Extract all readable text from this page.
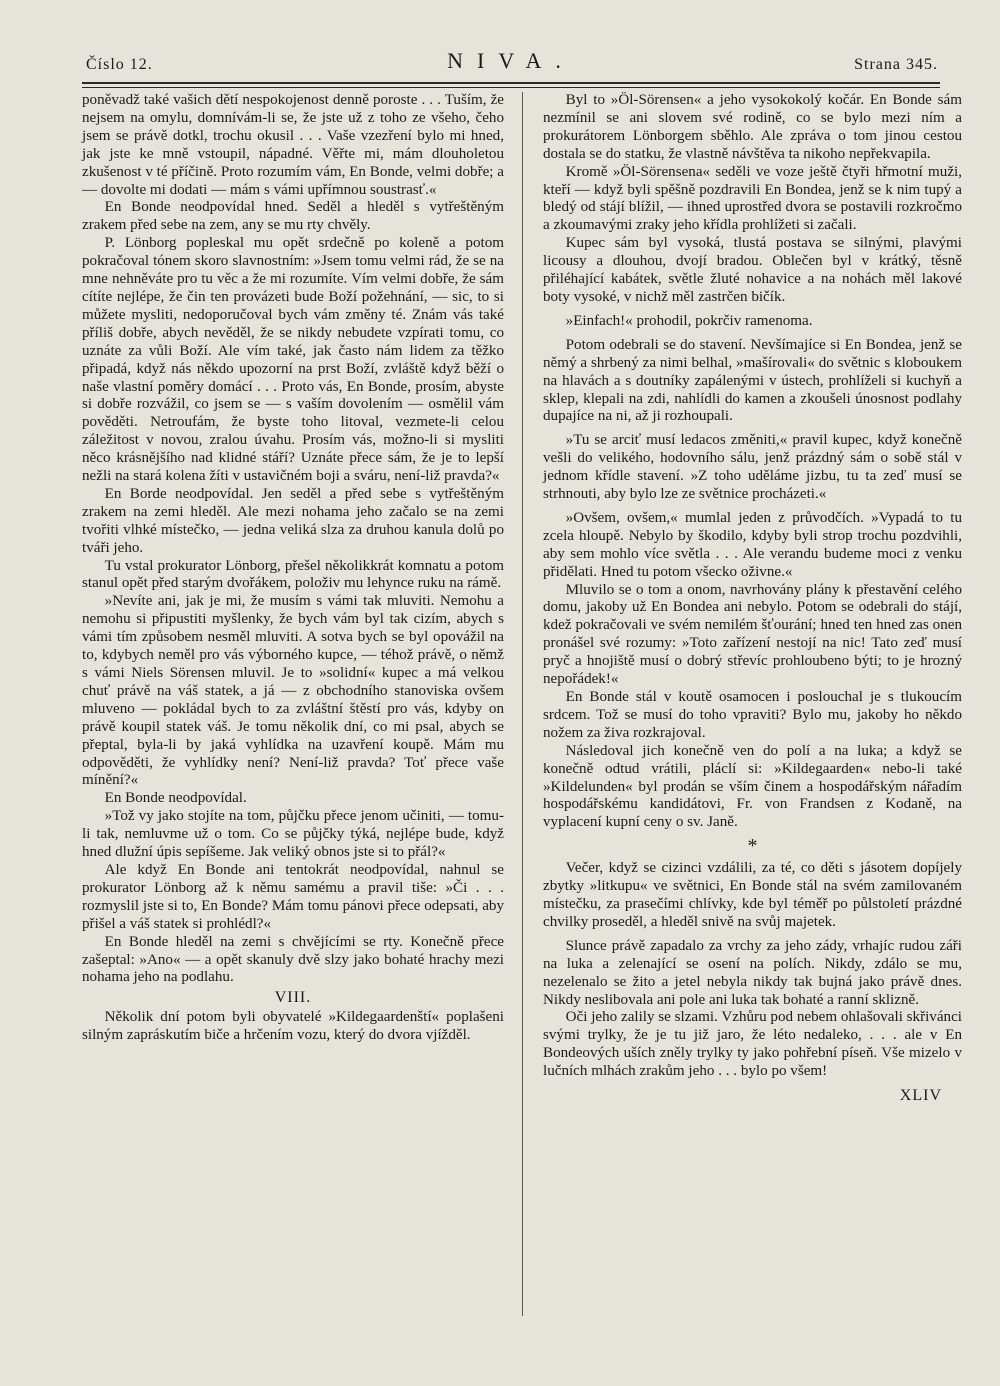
Číslo 12.	NIVA.	Strana 345.

poněvadž také vašich dětí nespokojenost denně poroste . . . Tuším, že nejsem na omylu, domnívám-li se, že jste už z toho ze všeho, čeho jsem se právě dotkl, trochu okusil . . . Vaše vzezření bylo mi hned, jak jste ke mně vstoupil, nápadné. Věřte mi, mám dlouholetou zkušenost v té příčině. Proto rozumím vám, En Bonde, velmi dobře; a — dovolte mi dodati — mám s vámi upřímnou soustrasť.«

En Bonde neodpovídal hned. Seděl a hleděl s vytřeštěným zrakem před sebe na zem, any se mu rty chvěly.

P. Lönborg popleskal mu opět srdečně po koleně a potom pokračoval tónem skoro slavnostním: »Jsem tomu velmi rád, že se na mne nehněváte pro tu věc a že mi rozumíte. Vím velmi dobře, že sám cítíte nejlépe, že čin ten provázeti bude Boží požehnání, — sic, to si můžete mysliti, nedoporučoval bych vám změny té. Znám vás také příliš dobře, abych nevěděl, že se nikdy nebudete vzpírati tomu, co uznáte za vůli Boží. Ale vím také, jak často nám lidem za těžko připadá, když nás někdo upozorní na prst Boží, zvláště když běží o naše vlastní poměry domácí . . . Proto vás, En Bonde, prosím, abyste si dobře rozvážil, co jsem se — s vaším dovolením — osmělil vám pověděti. Netroufám, že byste toho litoval, vezmete-li celou záležitost v novou, zralou úvahu. Prosím vás, možno-li si mysliti něco krásnějšího nad klidné stáří? Uznáte přece sám, že je to lepší nežli na stará kolena žíti v ustavičném boji a sváru, není-liž pravda?«

En Borde neodpovídal. Jen seděl a před sebe s vytřeštěným zrakem na zemi hleděl. Ale mezi nohama jeho začalo se na zemi tvořiti vlhké místečko, — jedna veliká slza za druhou kanula dolů po tváři jeho.

Tu vstal prokurator Lönborg, přešel několikkrát komnatu a potom stanul opět před starým dvořákem, položiv mu lehynce ruku na rámě.

»Nevíte ani, jak je mi, že musím s vámi tak mluviti. Nemohu a nemohu si připustiti myšlenky, že bych vám byl tak cizím, abych s vámi tím způsobem nesměl mluviti. A sotva bych se byl opovážil na to, kdybych neměl pro vás výborného kupce, — téhož právě, o němž s vámi Niels Sörensen mluvil. Je to »solidní« kupec a má velkou chuť právě na váš statek, a já — z obchodního stanoviska ovšem mluveno — pokládal bych to za zvláštní štěstí pro vás, kdyby on právě koupil statek váš. Je tomu několik dní, co mi psal, abych se přeptal, byla-li by jaká vyhlídka na uzavření koupě. Mám mu odpověděti, že vyhlídky není? Není-liž pravda? Toť přece vaše mínění?«

En Bonde neodpovídal.

»Tož vy jako stojíte na tom, půjčku přece jenom učiniti, — tomu-li tak, nemluvme už o tom. Co se půjčky týká, nejlépe bude, když hned dlužní úpis sepíšeme. Jak veliký obnos jste si to přál?«

Ale když En Bonde ani tentokrát neodpovídal, nahnul se prokurator Lönborg až k němu samému a pravil tiše: »Či . . . rozmyslil jste si to, En Bonde? Mám tomu pánovi přece odepsati, aby přišel a váš statek si prohlédl?«

En Bonde hleděl na zemi s chvějícími se rty. Konečně přece zašeptal: »Ano« — a opět skanuly dvě slzy jako bohaté hrachy mezi nohama jeho na podlahu.

VIII.

Několik dní potom byli obyvatelé »Kildegaardenští« poplašeni silným zapráskutím biče a hrčením vozu, který do dvora vjížděl.

Byl to »Öl-Sörensen« a jeho vysokokolý kočár. En Bonde sám nezmínil se ani slovem své rodině, co se bylo mezi ním a prokurátorem Lönborgem sběhlo. Ale zpráva o tom jinou cestou dostala se do statku, že vlastně návštěva ta nikoho nepřekvapila.

Kromě »Öl-Sörensena« seděli ve voze ještě čtyři hřmotní muži, kteří — když byli spěšně pozdravili En Bondea, jenž se k nim tupý a bledý od stájí blížil, — ihned uprostřed dvora se postavili rozkročmo a zkoumavými zraky jeho křídla prohlížeti si začali.

Kupec sám byl vysoká, tlustá postava se silnými, plavými licousy a dlouhou, dvojí bradou. Oblečen byl v krátký, těsně přiléhající kabátek, světle žluté nohavice a na nohách měl lakové boty vysoké, v nichž měl zastrčen bičík.

»Einfach!« prohodil, pokrčiv ramenoma.

Potom odebrali se do stavení. Nevšímajíce si En Bondea, jenž se němý a shrbený za nimi belhal, »mašírovali« do světnic s kloboukem na hlavách a s doutníky zapálenými v ústech, prohlíželi si kuchyň a sklep, klepali na zdi, nahlídli do kamen a zkoušeli únosnost podlahy dupajíce na ni, až ji rozhoupali.

»Tu se arciť musí ledacos změniti,« pravil kupec, když konečně vešli do velikého, hodovního sálu, jenž prázdný sám o sobě stál v jednom křídle stavení. »Z toho uděláme jizbu, tu ta zeď musí se strhnouti, aby bylo lze ze světnice procházeti.«

»Ovšem, ovšem,« mumlal jeden z průvodčích. »Vypadá to tu zcela hloupě. Nebylo by škodilo, kdyby byli strop trochu pozdvihli, aby sem mohlo více světla . . . Ale verandu budeme moci z venku přidělati. Hned tu potom všecko oživne.«

Mluvilo se o tom a onom, navrhovány plány k přestavění celého domu, jakoby už En Bondea ani nebylo. Potom se odebrali do stájí, kdež pokračovali ve svém nemilém šťourání; hned ten hned zas onen pronášel své rozumy: »Toto zařízení nestojí na nic! Tato zeď musí pryč a hnojiště musí o dobrý střevíc prohloubeno býti; to je hrozný nepořádek!«

En Bonde stál v koutě osamocen i poslouchal je s tlukoucím srdcem. Tož se musí do toho vpraviti? Bylo mu, jakoby ho někdo nožem za živa rozkrajoval.

Následoval jich konečně ven do polí a na luka; a když se konečně odtud vrátili, pláclí si: »Kildegaarden« nebo-li také »Kildelunden« byl prodán se vším činem a hospodářským nářadím hospodářskému kandidátovi, Fr. von Frandsen z Kodaně, na vyplacení kupní ceny o sv. Janě.

*

Večer, když se cizinci vzdálili, za té, co děti s jásotem dopíjely zbytky »litkupu« ve světnici, En Bonde stál na svém zamilovaném místečku, za prasečími chlívky, kde byl téměř po půlstoletí prázdné chvilky proseděl, a hleděl snivě na svůj majetek.

Slunce právě zapadalo za vrchy za jeho zády, vrhajíc rudou záři na luka a zelenající se osení na polích. Nikdy, zdálo se mu, nezelenalo se žito a jetel nebyla nikdy tak bujná jako právě dnes. Nikdy neslibovala ani pole ani luka tak bohaté a ranní sklizně.

Oči jeho zalily se slzami. Vzhůru pod nebem ohlašovali skřivánci svými trylky, že je tu již jaro, že léto nedaleko, . . . ale v En Bondeových uších zněly trylky ty jako pohřební píseň. Vše mizelo v lučních mlhách zrakům jeho . . . bylo po všem!

XLIV
